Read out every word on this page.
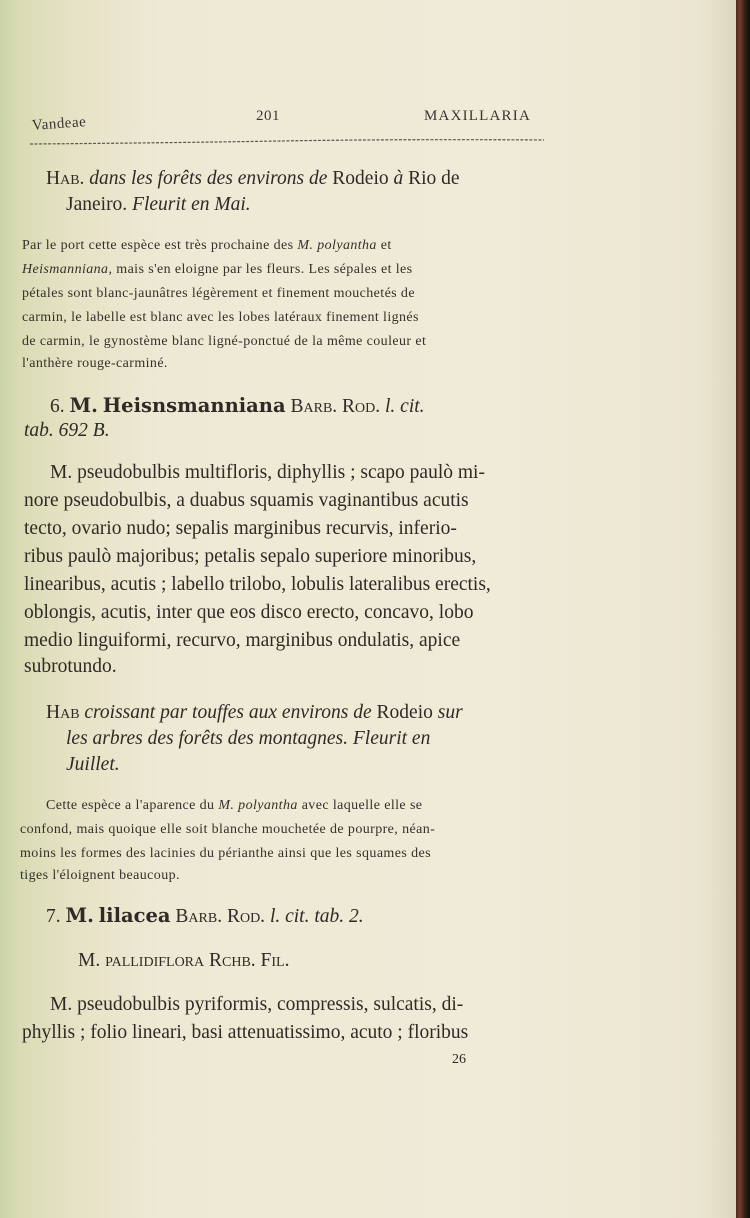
Vandeae	201	MAXILLARIA
Hab. dans les forêts des environs de Rodeio à Rio de
Janeiro. Fleurit en Mai.
Par le port cette espèce est très prochaine des M. polyantha et
Heismanniana, mais s'en eloigne par les fleurs. Les sépales et les
pétales sont blanc-jaunâtres légèrement et finement mouchetés de
carmin, le labelle est blanc avec les lobes latéraux finement lignés
de carmin, le gynostème blanc ligné-ponctué de la même couleur et
l'anthère rouge-carminé.
6. M. Heisnsmanniana Barb. Rod. l. cit.
tab. 692 B.
M. pseudobulbis multifloris, diphyllis ; scapo paulò mi-
nore pseudobulbis, a duabus squamis vaginantibus acutis
tecto, ovario nudo; sepalis marginibus recurvis, inferio-
ribus paulò majoribus; petalis sepalo superiore minoribus,
linearibus, acutis ; labello trilobo, lobulis lateralibus erectis,
oblongis, acutis, inter que eos disco erecto, concavo, lobo
medio linguiformi, recurvo, marginibus ondulatis, apice
subrotundo.
Hab croissant par touffes aux environs de Rodeio sur
les arbres des forêts des montagnes. Fleurit en
Juillet.
Cette espèce a l'aparence du M. polyantha avec laquelle elle se
confond, mais quoique elle soit blanche mouchetée de pourpre, néan-
moins les formes des lacinies du périanthe ainsi que les squames des
tiges l'éloignent beaucoup.
7. M. lilacea Barb. Rod. l. cit. tab. 2.
M. pallidiflora Rchb. Fil.
M. pseudobulbis pyriformis, compressis, sulcatis, di-
phyllis ; folio lineari, basi attenuatissimo, acuto ; floribus
26
